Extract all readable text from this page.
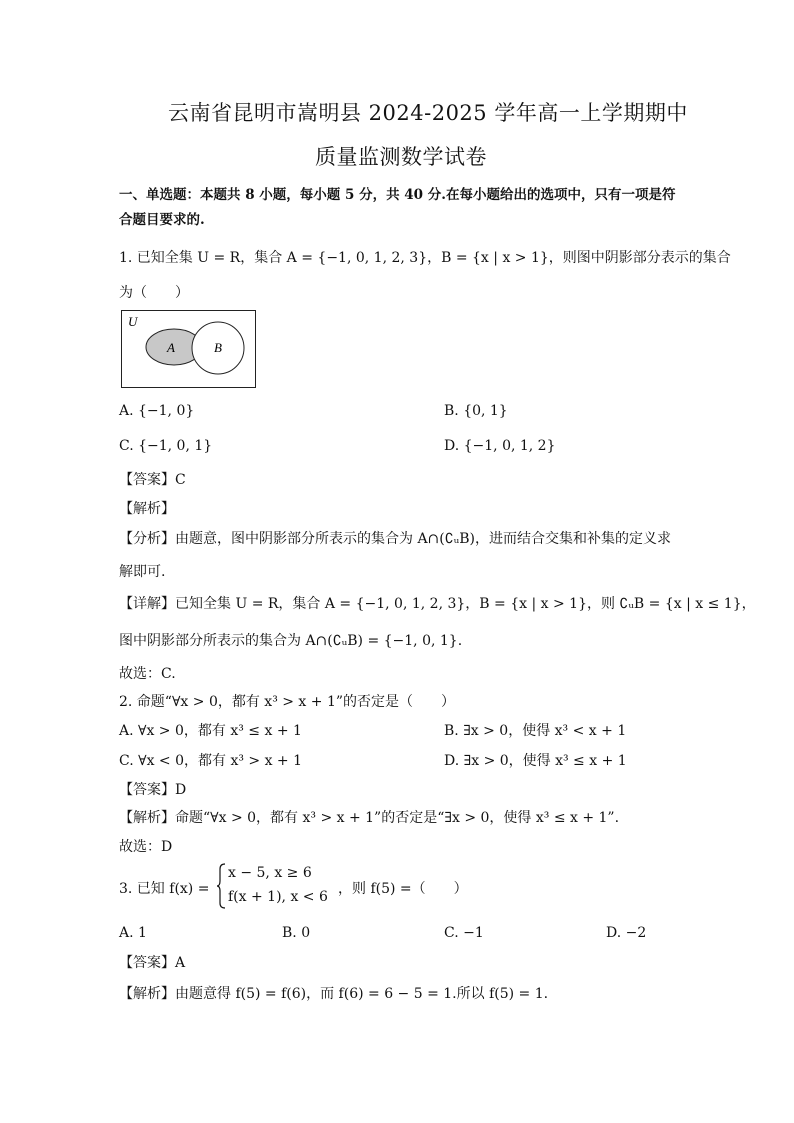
云南省昆明市嵩明县 2024-2025 学年高一上学期期中
质量监测数学试卷
一、单选题：本题共 8 小题，每小题 5 分，共 40 分.在每小题给出的选项中，只有一项是符
合题目要求的.
1. 已知全集 U = R，集合 A = {−1, 0, 1, 2, 3}，B = {x | x > 1}，则图中阴影部分表示的集合
为（　　）
U
A	B
A. {−1, 0}	B. {0, 1}
C. {−1, 0, 1}	D. {−1, 0, 1, 2}
【答案】C
【解析】
【分析】由题意，图中阴影部分所表示的集合为 A∩(∁ᵤB)，进而结合交集和补集的定义求
解即可.
【详解】已知全集 U = R，集合 A = {−1, 0, 1, 2, 3}，B = {x | x > 1}，则 ∁ᵤB = {x | x ≤ 1}，
图中阴影部分所表示的集合为 A∩(∁ᵤB) = {−1, 0, 1}.
故选：C.
2. 命题“∀x > 0，都有 x³ > x + 1”的否定是（　　）
A. ∀x > 0，都有 x³ ≤ x + 1	B. ∃x > 0，使得 x³ < x + 1
C. ∀x < 0，都有 x³ > x + 1	D. ∃x > 0，使得 x³ ≤ x + 1
【答案】D
【解析】命题“∀x > 0，都有 x³ > x + 1”的否定是“∃x > 0，使得 x³ ≤ x + 1”.
故选：D
3. 已知 f(x) =
x − 5, x ≥ 6
f(x + 1), x < 6 ，则 f(5) =（　　）
A. 1	B. 0	C. −1	D. −2
【答案】A
【解析】由题意得 f(5) = f(6)，而 f(6) = 6 − 5 = 1.所以 f(5) = 1.
